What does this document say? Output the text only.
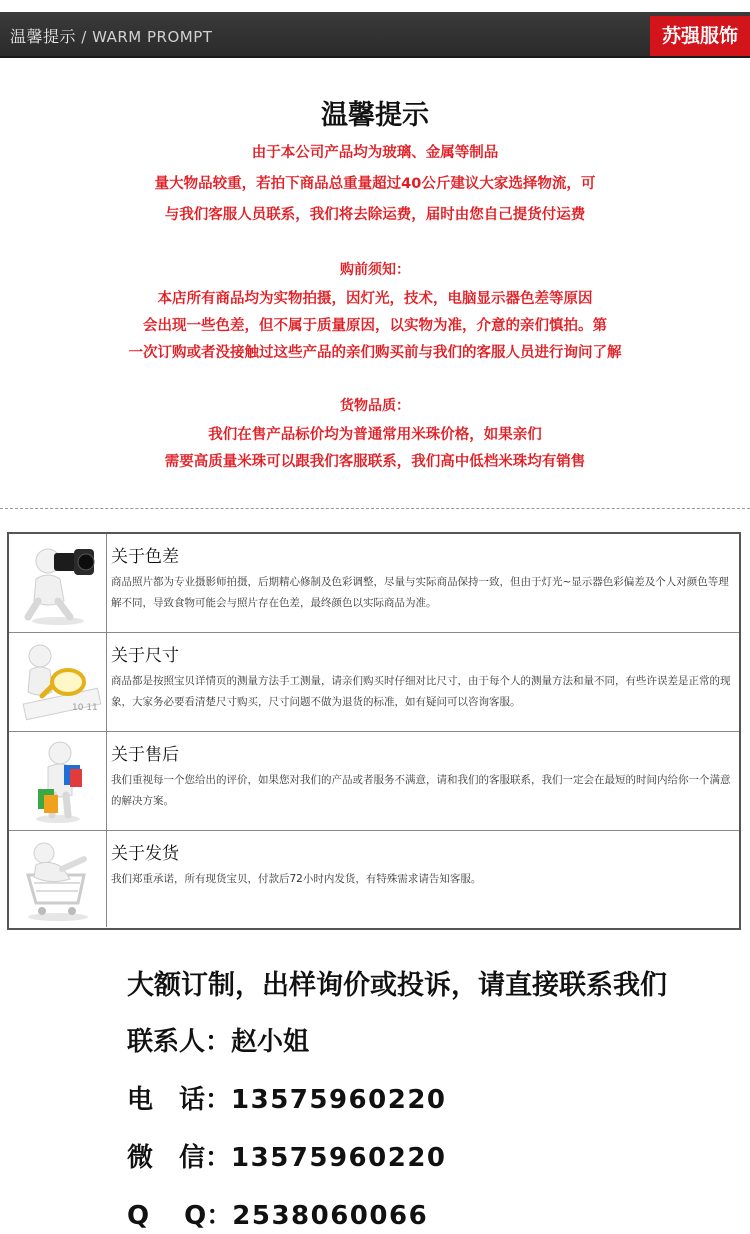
温馨提示 / WARM PROMPT	苏强服饰
温馨提示
由于本公司产品均为玻璃、金属等制品
量大物品较重，若拍下商品总重量超过40公斤建议大家选择物流，可
与我们客服人员联系，我们将去除运费，届时由您自己提货付运费
购前须知：
本店所有商品均为实物拍摄，因灯光，技术，电脑显示器色差等原因
会出现一些色差，但不属于质量原因，以实物为准，介意的亲们慎拍。第
一次订购或者没接触过这些产品的亲们购买前与我们的客服人员进行询问了解
货物品质：
我们在售产品标价均为普通常用米珠价格，如果亲们
需要高质量米珠可以跟我们客服联系，我们高中低档米珠均有销售
关于色差
商品照片都为专业摄影师拍摄，后期精心修制及色彩调整，尽量与实际商品保持一致，但由于灯光~显示器色彩偏差及个人对颜色等理解不同，导致食物可能会与照片存在色差，最终颜色以实际商品为准。
10 11
关于尺寸
商品都是按照宝贝详情页的测量方法手工测量，请亲们购买时仔细对比尺寸，由于每个人的测量方法和量不同，有些许误差是正常的现象，大家务必要看清楚尺寸购买，尺寸问题不做为退货的标准，如有疑问可以咨询客服。
关于售后
我们重视每一个您给出的评价，如果您对我们的产品或者服务不满意，请和我们的客服联系，我们一定会在最短的时间内给你一个满意的解决方案。
关于发货
我们郑重承诺，所有现货宝贝，付款后72小时内发货，有特殊需求请告知客服。
大额订制，出样询价或投诉，请直接联系我们
联系人：赵小姐
电　话：13575960220
微　信：13575960220
Q　 Q：2538060066
